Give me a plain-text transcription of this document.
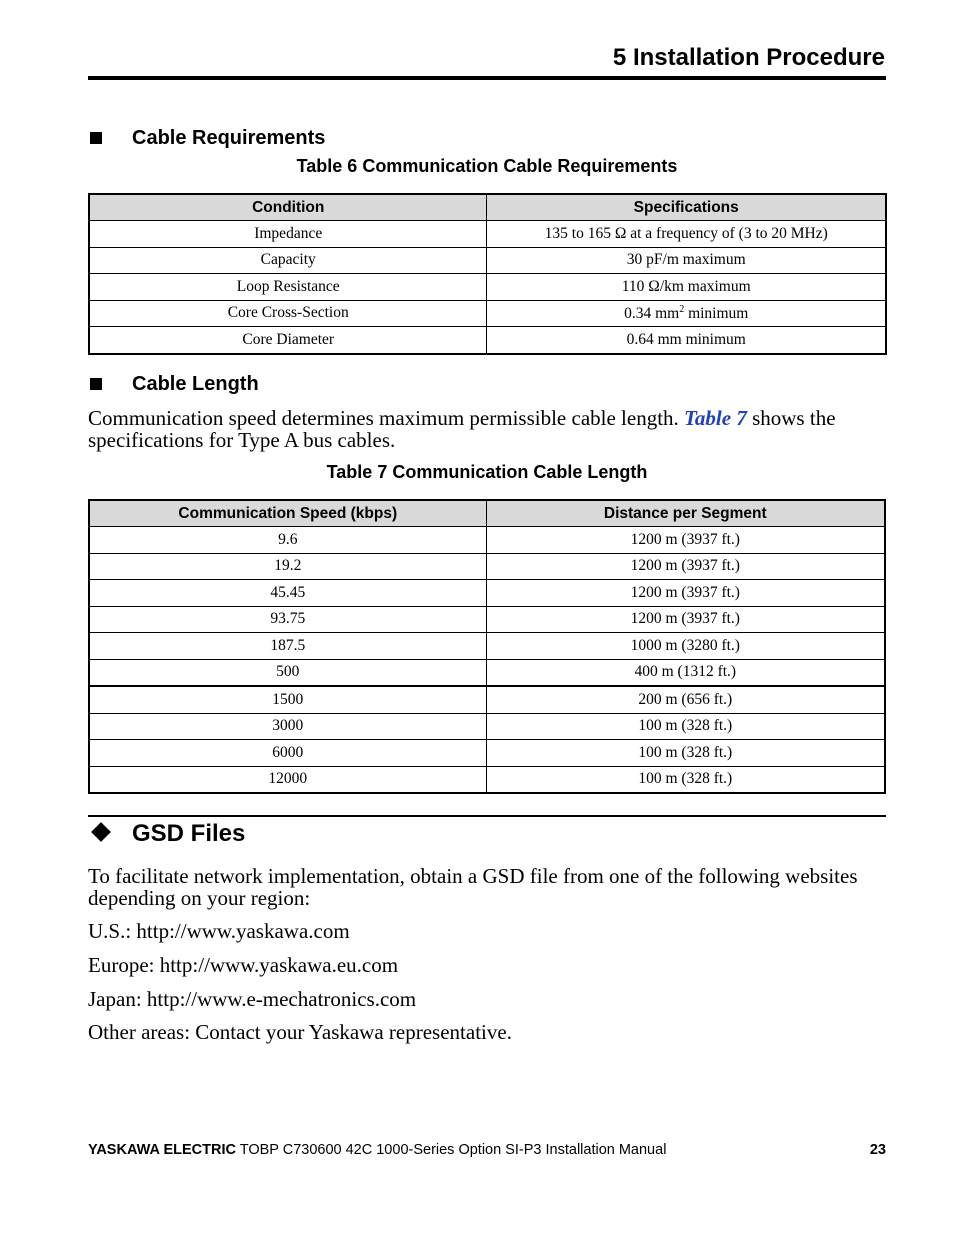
5 Installation Procedure
Cable Requirements
Table 6 Communication Cable Requirements
Condition	Specifications
Impedance	135 to 165 Ω at a frequency of (3 to 20 MHz)
Capacity	30 pF/m maximum
Loop Resistance	110 Ω/km maximum
Core Cross-Section	0.34 $mm^2$ minimum
Core Diameter	0.64 mm minimum
Cable Length
Communication speed determines maximum permissible cable length. Table 7 shows the specifications for Type A bus cables.
Table 7 Communication Cable Length
Communication Speed (kbps)	Distance per Segment
9.6	1200 m (3937 ft.)
19.2	1200 m (3937 ft.)
45.45	1200 m (3937 ft.)
93.75	1200 m (3937 ft.)
187.5	1000 m (3280 ft.)
500	400 m (1312 ft.)
1500	200 m (656 ft.)
3000	100 m (328 ft.)
6000	100 m (328 ft.)
12000	100 m (328 ft.)
GSD Files
To facilitate network implementation, obtain a GSD file from one of the following websites depending on your region:
U.S.: http://www.yaskawa.com
Europe: http://www.yaskawa.eu.com
Japan: http://www.e-mechatronics.com
Other areas: Contact your Yaskawa representative.
YASKAWA ELECTRIC TOBP C730600 42C 1000-Series Option SI-P3 Installation Manual	23
